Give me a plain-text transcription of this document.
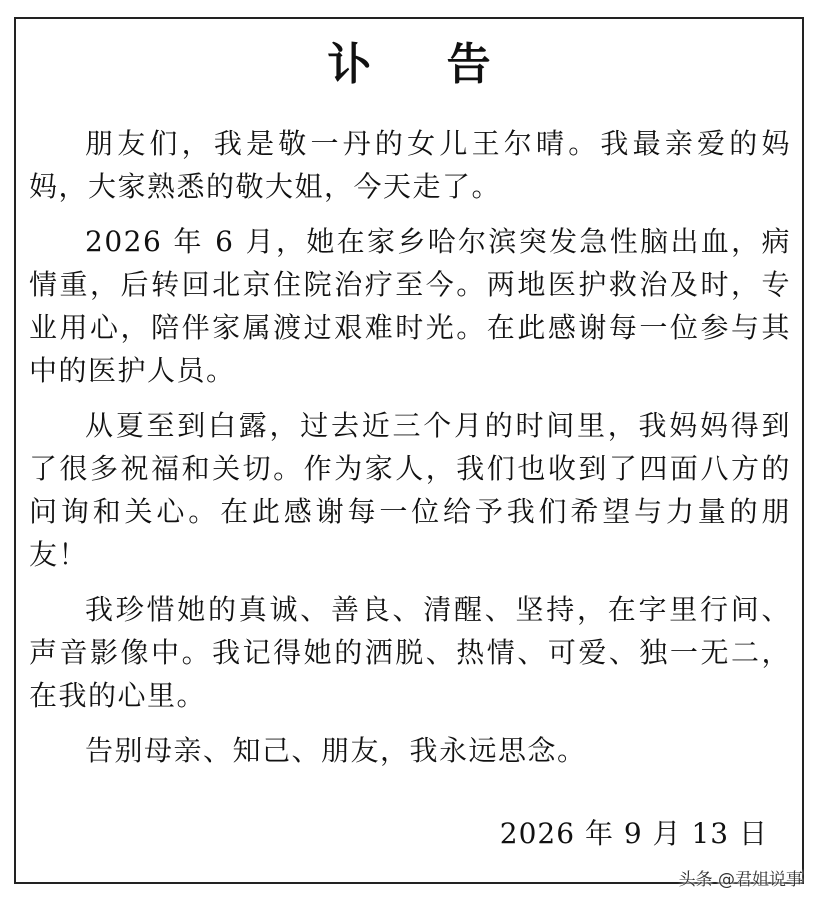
讣 告

朋友们，我是敬一丹的女儿王尔晴。我最亲爱的妈妈，大家熟悉的敬大姐，今天走了。

2026 年 6 月，她在家乡哈尔滨突发急性脑出血，病情重，后转回北京住院治疗至今。两地医护救治及时，专业用心，陪伴家属渡过艰难时光。在此感谢每一位参与其中的医护人员。

从夏至到白露，过去近三个月的时间里，我妈妈得到了很多祝福和关切。作为家人，我们也收到了四面八方的问询和关心。在此感谢每一位给予我们希望与力量的朋友！

我珍惜她的真诚、善良、清醒、坚持，在字里行间、声音影像中。我记得她的洒脱、热情、可爱、独一无二，在我的心里。

告别母亲、知己、朋友，我永远思念。

2026 年 9 月 13 日
头条 @君姐说事
